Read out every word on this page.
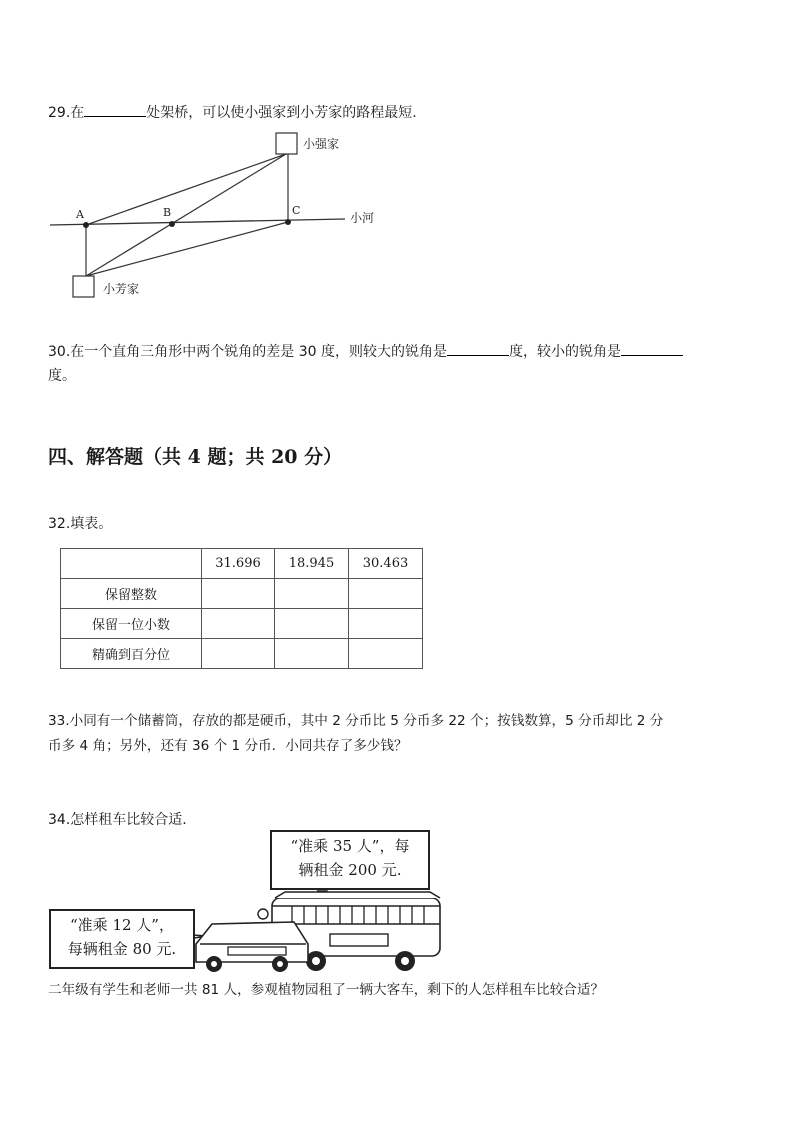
29.在	处架桥，可以使小强家到小芳家的路程最短.
A	B	C
小强家
小河
小芳家
30.在一个直角三角形中两个锐角的差是 30 度，则较大的锐角是	度，较小的锐角是
度。
四、解答题（共 4 题；共 20 分）
32.填表。
	31.696	18.945	30.463
保留整数			
保留一位小数			
精确到百分位			
33.小同有一个储蓄筒，存放的都是硬币，其中 2 分币比 5 分币多 22 个；按钱数算，5 分币却比 2 分
币多 4 角；另外，还有 36 个 1 分币．小同共存了多少钱？
34.怎样租车比较合适.
“准乘 35 人”，每
辆租金 200 元.
“准乘 12 人”，
每辆租金 80 元.
二年级有学生和老师一共 81 人，参观植物园租了一辆大客车，剩下的人怎样租车比较合适？
